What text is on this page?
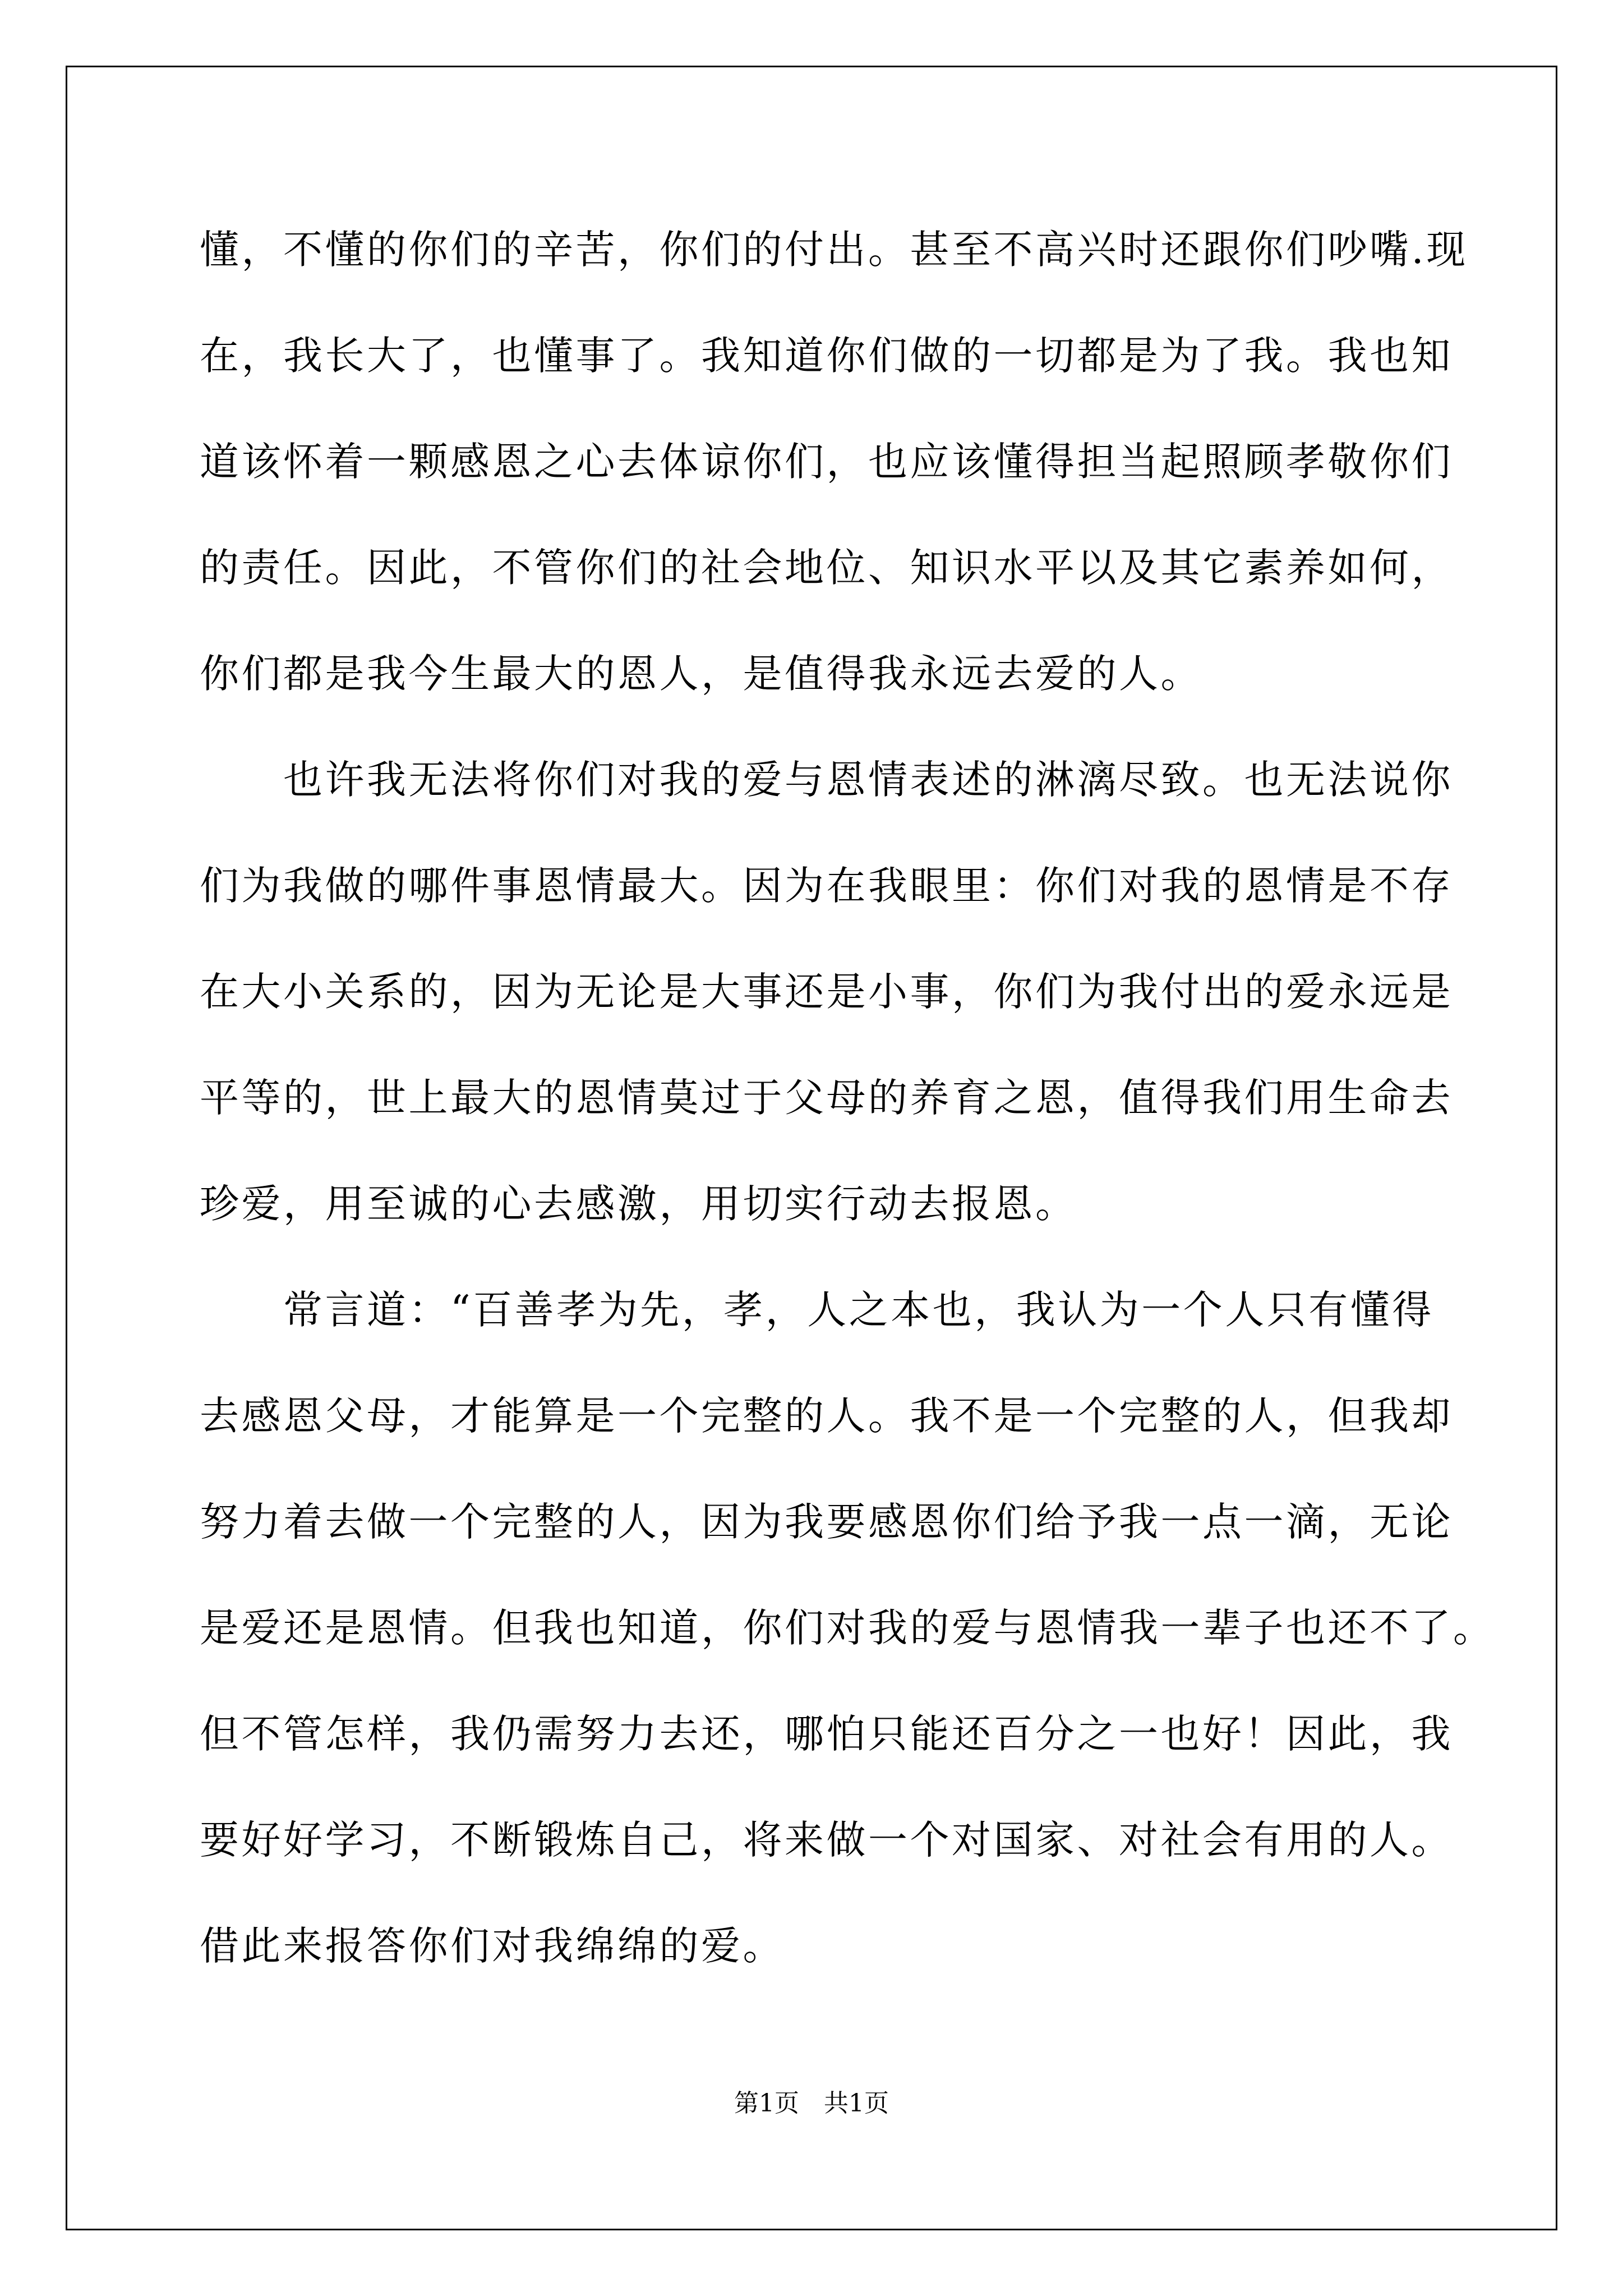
懂，不懂的你们的辛苦，你们的付出。甚至不高兴时还跟你们吵嘴.现
在，我长大了，也懂事了。我知道你们做的一切都是为了我。我也知
道该怀着一颗感恩之心去体谅你们，也应该懂得担当起照顾孝敬你们
的责任。因此，不管你们的社会地位、知识水平以及其它素养如何，
你们都是我今生最大的恩人，是值得我永远去爱的人。
　　也许我无法将你们对我的爱与恩情表述的淋漓尽致。也无法说你
们为我做的哪件事恩情最大。因为在我眼里：你们对我的恩情是不存
在大小关系的，因为无论是大事还是小事，你们为我付出的爱永远是
平等的，世上最大的恩情莫过于父母的养育之恩，值得我们用生命去
珍爱，用至诚的心去感激，用切实行动去报恩。
　　常言道：“百善孝为先，孝，人之本也，我认为一个人只有懂得
去感恩父母，才能算是一个完整的人。我不是一个完整的人，但我却
努力着去做一个完整的人，因为我要感恩你们给予我一点一滴，无论
是爱还是恩情。但我也知道，你们对我的爱与恩情我一辈子也还不了。
但不管怎样，我仍需努力去还，哪怕只能还百分之一也好！因此，我
要好好学习，不断锻炼自己，将来做一个对国家、对社会有用的人。
借此来报答你们对我绵绵的爱。
第1页　共1页
